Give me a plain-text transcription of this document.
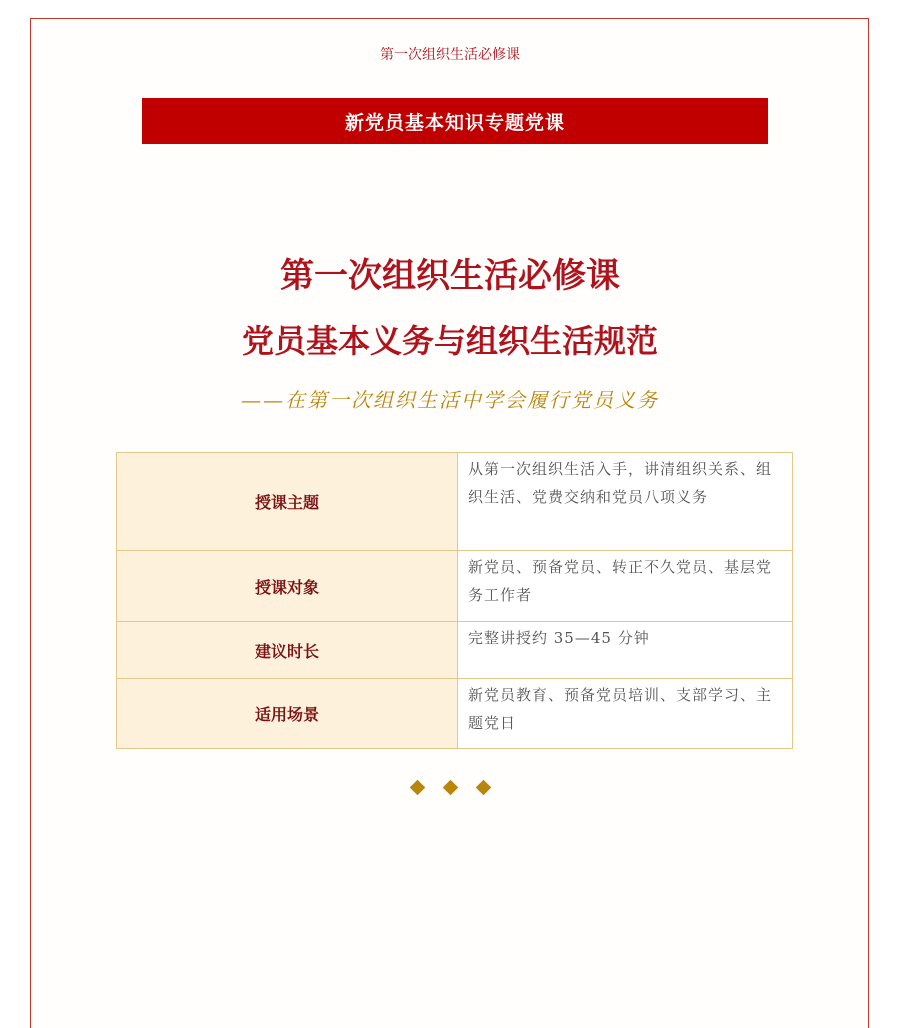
第一次组织生活必修课
新党员基本知识专题党课
第一次组织生活必修课
党员基本义务与组织生活规范
——在第一次组织生活中学会履行党员义务
授课主题	从第一次组织生活入手，讲清组织关系、组织生活、党费交纳和党员八项义务
授课对象	新党员、预备党员、转正不久党员、基层党务工作者
建议时长	完整讲授约 35—45 分钟
适用场景	新党员教育、预备党员培训、支部学习、主题党日
